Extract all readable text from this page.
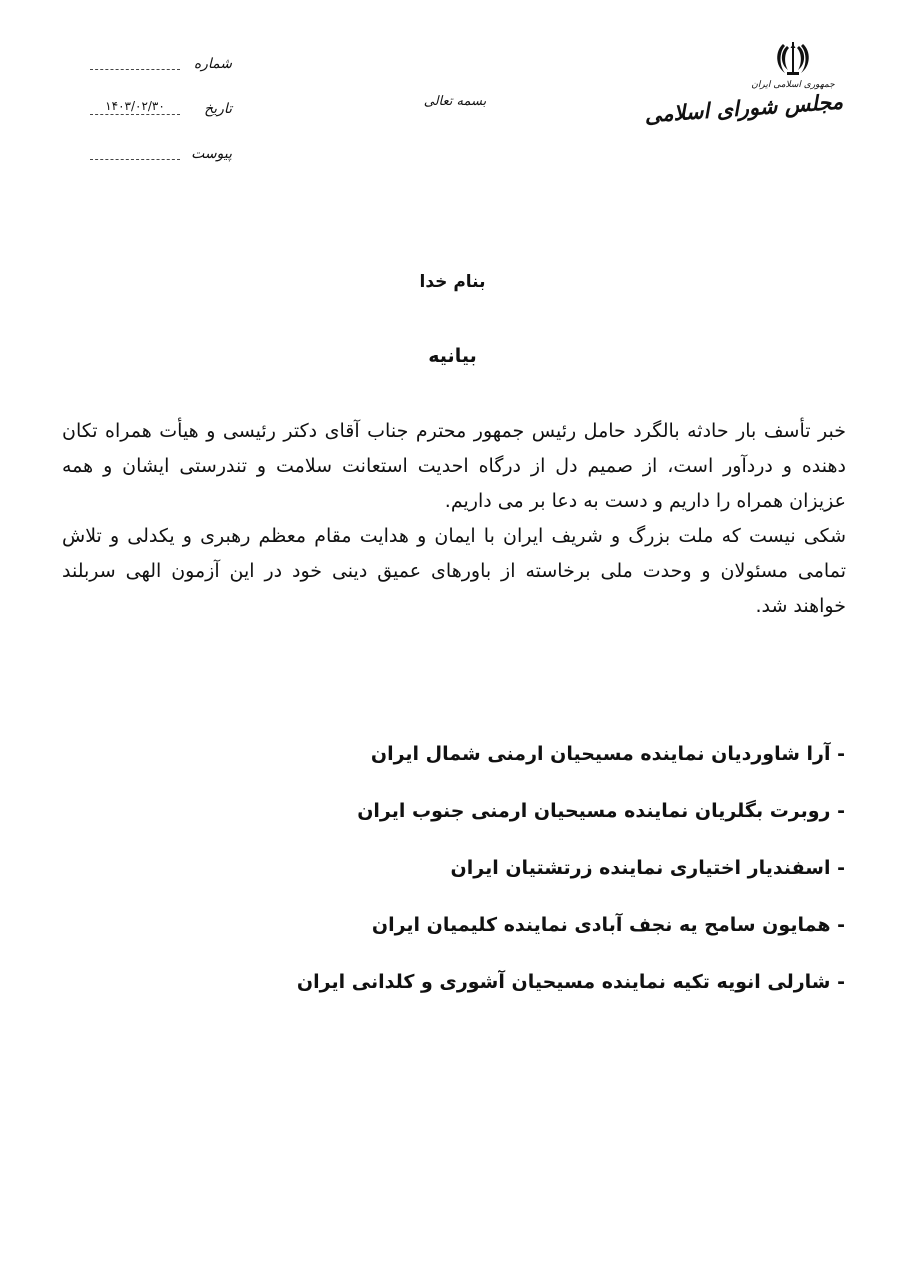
جمهوری اسلامی ایران
مجلس شورای اسلامی
بسمه تعالی
شماره
۱۴۰۳/۰۲/۳۰	تاریخ
پیوست
بنام خدا
بیانیه

خبر تأسف بار حادثه بالگرد حامل رئیس جمهور محترم جناب آقای دکتر رئیسی و هیأت همراه تکان دهنده و دردآور است، از صمیم دل از درگاه احدیت استعانت سلامت و تندرستی ایشان و همه عزیزان همراه را داریم و دست به دعا بر می داریم.

شکی نیست که ملت بزرگ و شریف ایران با ایمان و هدایت مقام معظم رهبری و یکدلی و تلاش تمامی مسئولان و وحدت ملی برخاسته از باورهای عمیق دینی خود در این آزمون الهی سربلند خواهند شد.

- آرا شاوردیان نماینده مسیحیان ارمنی شمال ایران
- روبرت بگلریان نماینده مسیحیان ارمنی جنوب ایران
- اسفندیار اختیاری نماینده زرتشتیان ایران
- همایون سامح یه نجف آبادی نماینده کلیمیان ایران
- شارلی انویه تکیه نماینده مسیحیان آشوری و کلدانی ایران
